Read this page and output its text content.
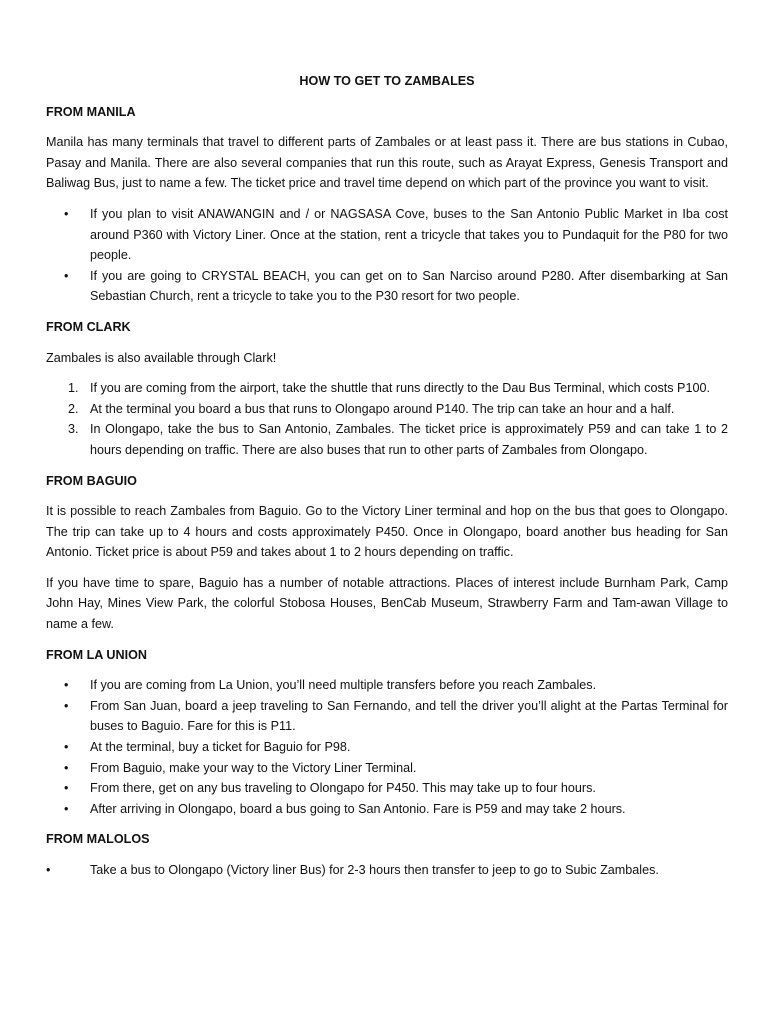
HOW TO GET TO ZAMBALES
FROM MANILA
Manila has many terminals that travel to different parts of Zambales or at least pass it. There are bus stations in Cubao, Pasay and Manila. There are also several companies that run this route, such as Arayat Express, Genesis Transport and Baliwag Bus, just to name a few. The ticket price and travel time depend on which part of the province you want to visit.
• If you plan to visit ANAWANGIN and / or NAGSASA Cove, buses to the San Antonio Public Market in Iba cost around P360 with Victory Liner. Once at the station, rent a tricycle that takes you to Pundaquit for the P80 for two people.
• If you are going to CRYSTAL BEACH, you can get on to San Narciso around P280. After disembarking at San Sebastian Church, rent a tricycle to take you to the P30 resort for two people.
FROM CLARK
Zambales is also available through Clark!
1. If you are coming from the airport, take the shuttle that runs directly to the Dau Bus Terminal, which costs P100.
2. At the terminal you board a bus that runs to Olongapo around P140. The trip can take an hour and a half.
3. In Olongapo, take the bus to San Antonio, Zambales. The ticket price is approximately P59 and can take 1 to 2 hours depending on traffic. There are also buses that run to other parts of Zambales from Olongapo.
FROM BAGUIO
It is possible to reach Zambales from Baguio. Go to the Victory Liner terminal and hop on the bus that goes to Olongapo. The trip can take up to 4 hours and costs approximately P450. Once in Olongapo, board another bus heading for San Antonio. Ticket price is about P59 and takes about 1 to 2 hours depending on traffic.
If you have time to spare, Baguio has a number of notable attractions. Places of interest include Burnham Park, Camp John Hay, Mines View Park, the colorful Stobosa Houses, BenCab Museum, Strawberry Farm and Tam-awan Village to name a few.
FROM LA UNION
• If you are coming from La Union, you’ll need multiple transfers before you reach Zambales.
• From San Juan, board a jeep traveling to San Fernando, and tell the driver you’ll alight at the Partas Terminal for buses to Baguio. Fare for this is P11.
• At the terminal, buy a ticket for Baguio for P98.
• From Baguio, make your way to the Victory Liner Terminal.
• From there, get on any bus traveling to Olongapo for P450. This may take up to four hours.
• After arriving in Olongapo, board a bus going to San Antonio. Fare is P59 and may take 2 hours.
FROM MALOLOS
•	Take a bus to Olongapo (Victory liner Bus) for 2-3 hours then transfer to jeep to go to Subic Zambales.
